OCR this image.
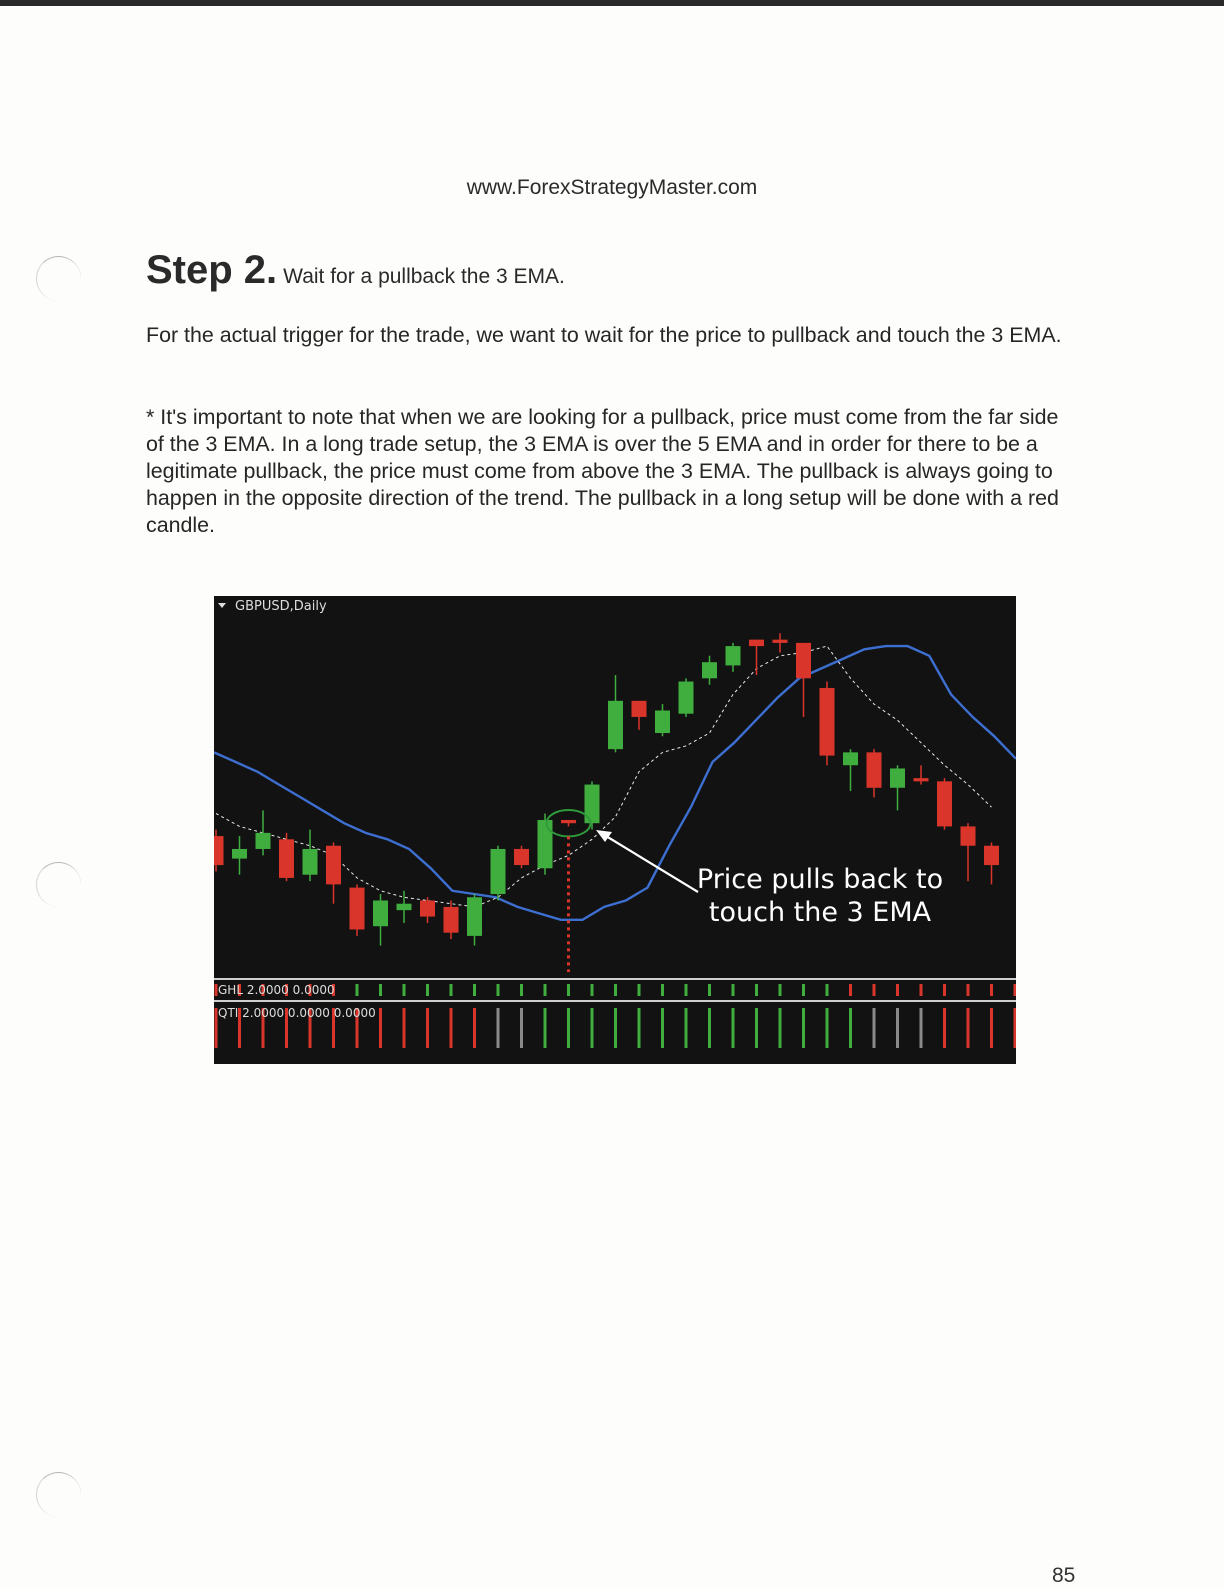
www.ForexStrategyMaster.com
Step 2. Wait for a pullback the 3 EMA.

For the actual trigger for the trade, we want to wait for the price to pullback and touch the 3 EMA.

* It's important to note that when we are looking for a pullback, price must come from the far side of the 3 EMA. In a long trade setup, the 3 EMA is over the 5 EMA and in order for there to be a legitimate pullback, the price must come from above the 3 EMA. The pullback is always going to happen in the opposite direction of the trend. The pullback in a long setup will be done with a red candle.

GBPUSD,Daily
Price pulls back to
touch the 3 EMA
GHL 2.0000 0.0000
QTI 2.0000 0.0000 0.0000
85
